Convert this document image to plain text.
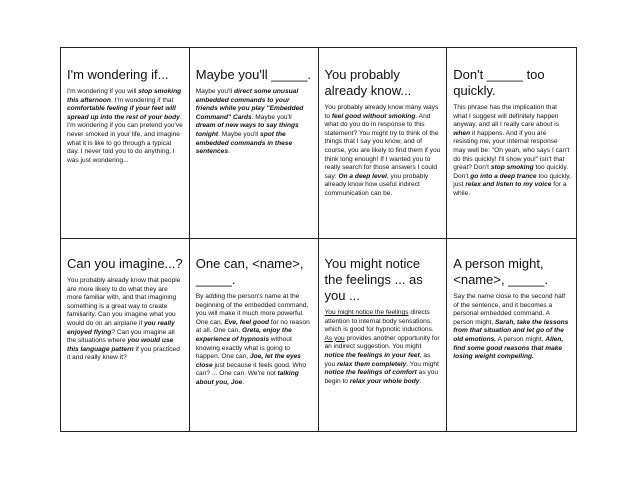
I'm wondering if...
I'm wondering if you will stop smoking this afternoon. I'm wondering if that comfortable feeling if your feet will spread up into the rest of your body. I'm wondering if you can pretend you've never smoked in your life, and imagine what it is like to go through a typical day. I never told you to do anything, I was just wondering...
Maybe you'll _____.
Maybe you'll direct some unusual embedded commands to your friends while you play "Embedded Command" Cards. Maybe you'll dream of new ways to say things tonight. Maybe you'll spot the embedded commands in these sentences.
You probably already know...
You probably already know many ways to feel good without smoking. And what do you do in response to this statement? You might try to think of the things that I say you know, and of course, you are likely to find them if you think long enough! If I wanted you to really search for those answers I could say: On a deep level, you probably already know how useful indirect communication can be.
Don't _____ too quickly.
This phrase has the implication that what I suggest will definitely happen anyway, and all I really care about is when it happens. And if you are resisting me, your internal response may well be: "Oh yeah, who says I can't do this quickly! I'll show you!" isn't that great? Don't stop smoking too quickly. Don't go into a deep trance too quickly, just relax and listen to my voice for a while.
Can you imagine...?
You probably already know that people are more likely to do what they are more familiar with, and that imagining something is a great way to create familiarity. Can you imagine what you would do on an airplane if you really enjoyed flying? Can you imagine all the situations where you would use this language pattern if you practiced it and really knew it?
One can, <name>, _____.
By adding the person's name at the beginning of the embedded command, you will make it much more powerful. One can, Eve, feel good for no reason at all. One can, Greta, enjoy the experience of hypnosis without knowing exactly what is going to happen. One can, Joe, let the eyes close just because it feels good. Who can? ... One can. We're not talking about you, Joe.
You might notice the feelings ... as you ...
You might notice the feelings directs attention to internal body sensations, which is good for hypnotic inductions. As you provides another opportunity for an indirect suggestion. You might notice the feelings in your feet, as you relax them completely. You might notice the feelings of comfort as you begin to relax your whole body.
A person might, <name>, _____.
Say the name close to the second half of the sentence, and it becomes a personal embedded command. A person might, Sarah, take the lessons from that situation and let go of the old emotions. A person might, Allen, find some good reasons that make losing weight compelling.
